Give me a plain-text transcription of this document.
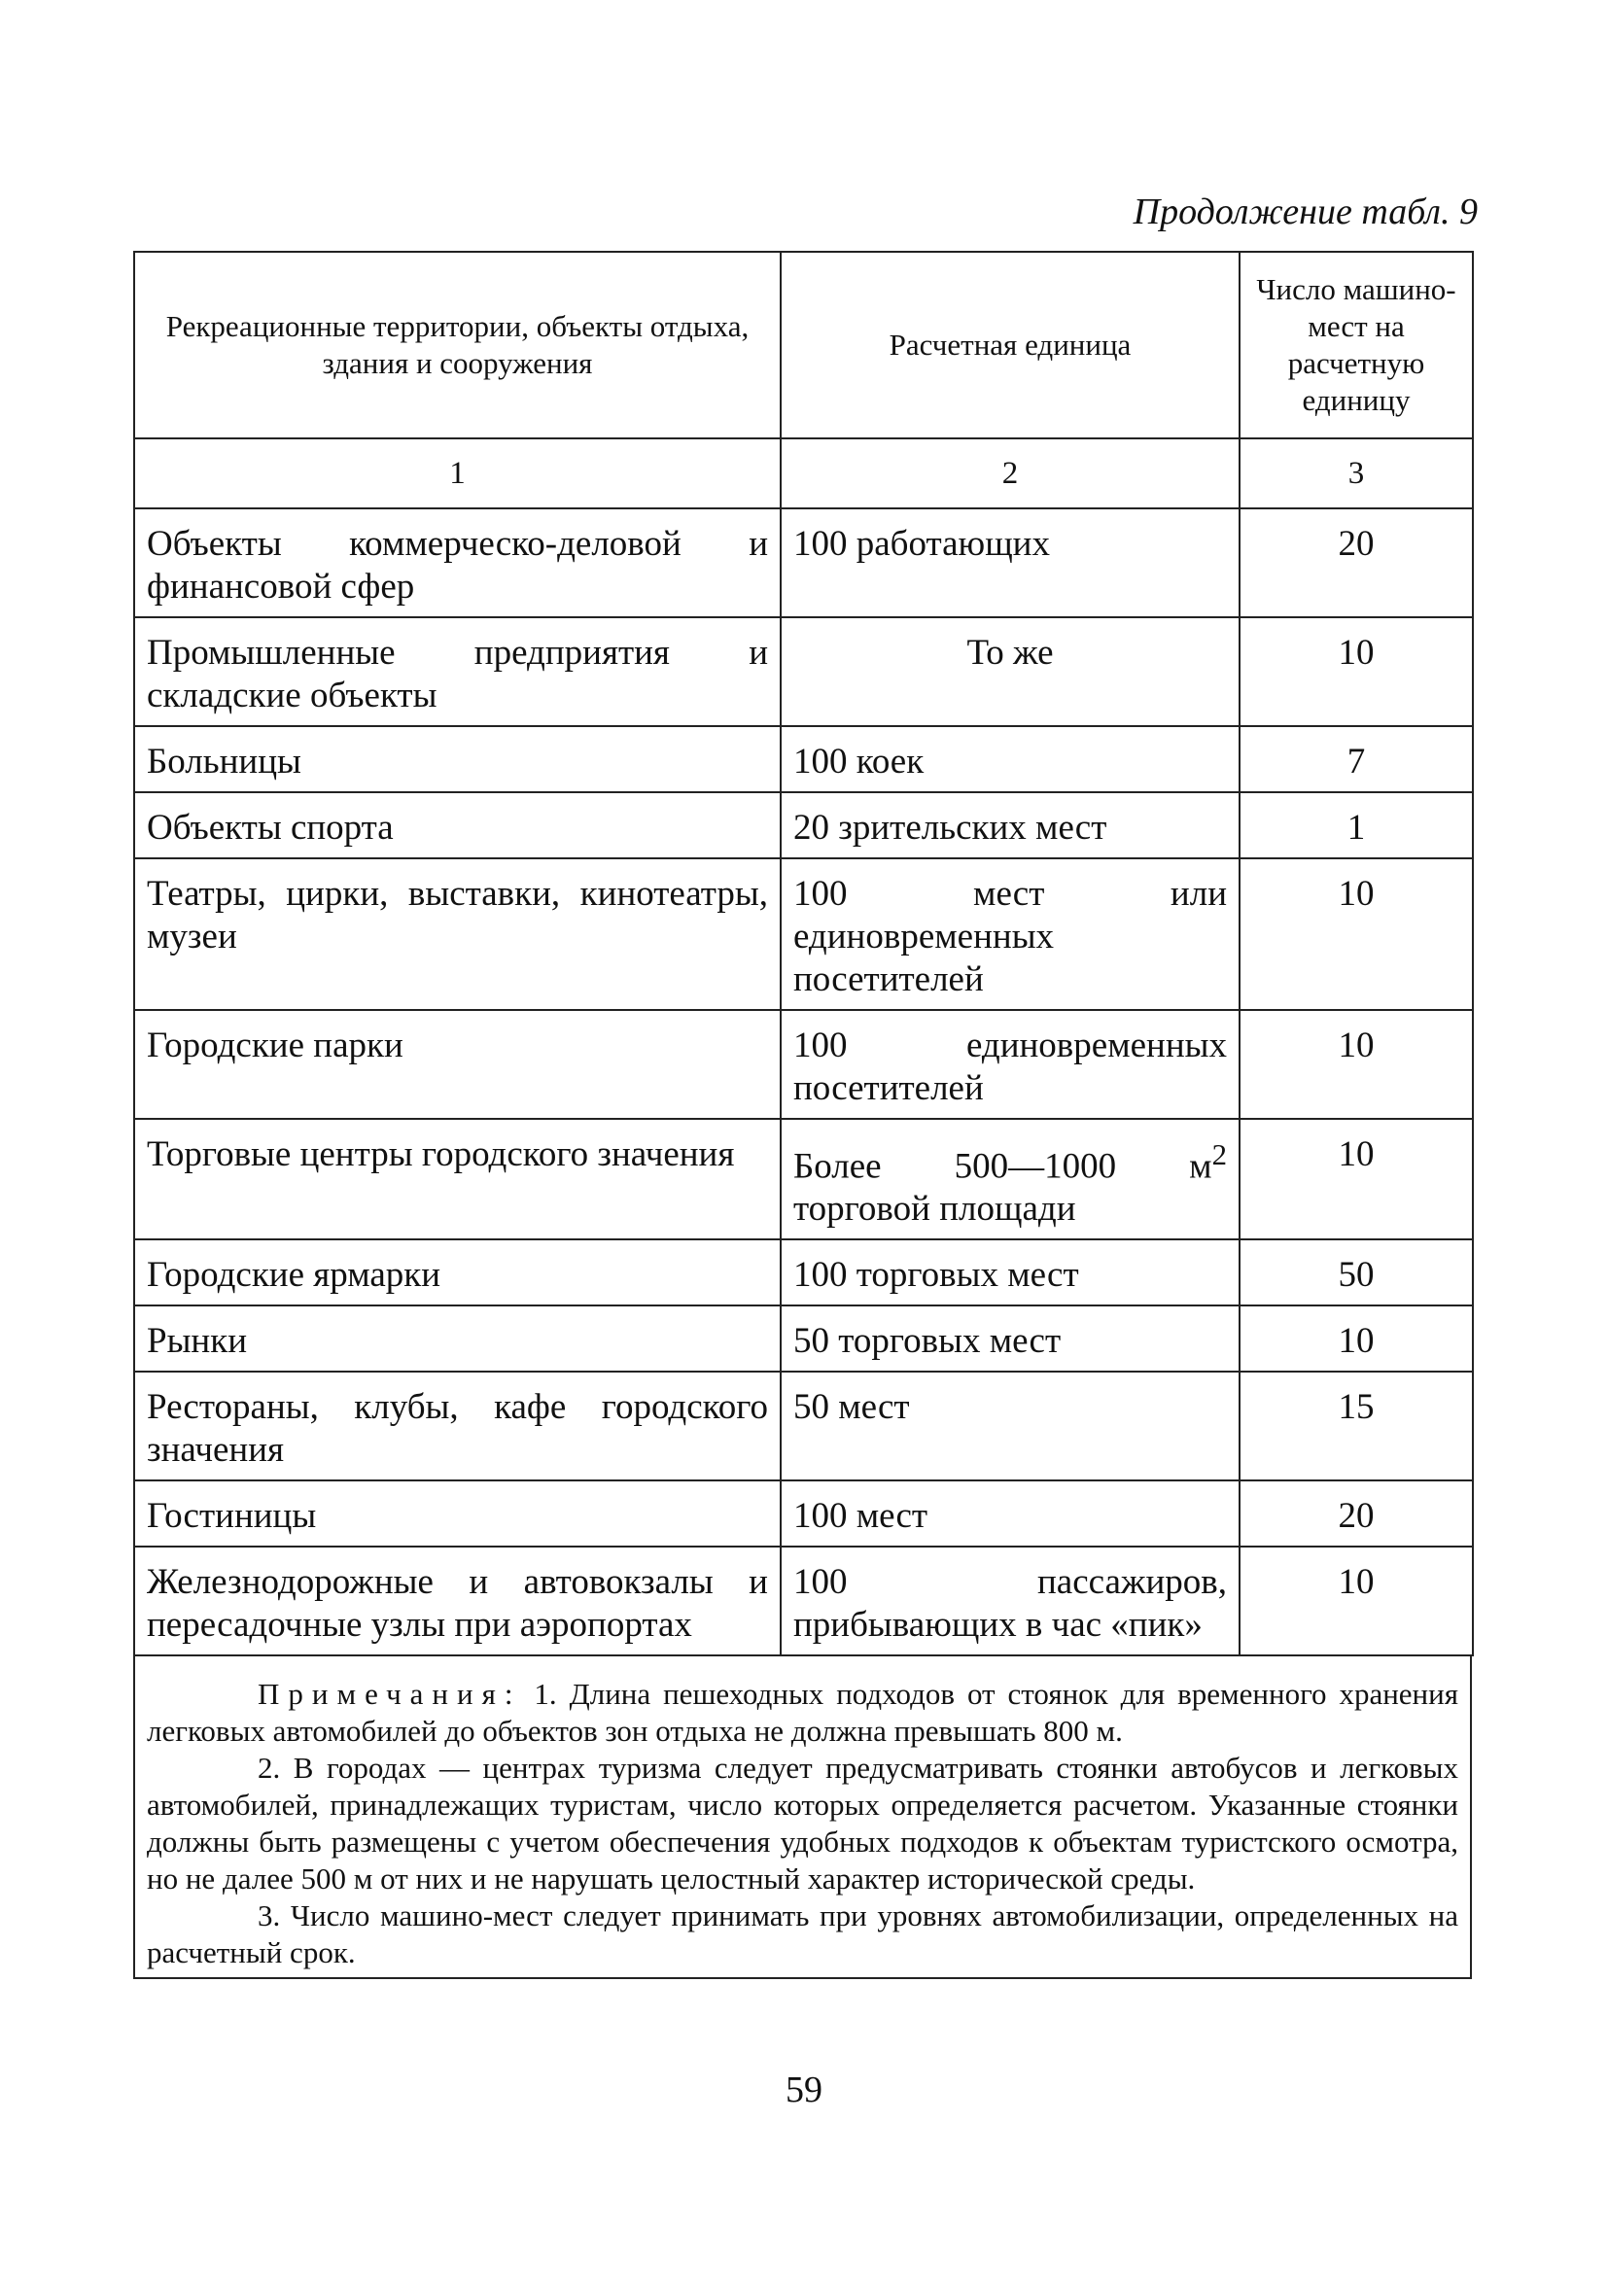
Продолжение табл. 9
Рекреационные территории, объекты отдыха, здания и сооружения	Расчетная единица	Число машино-мест на расчетную единицу
1	2	3
Объекты коммерческо-деловой и финансовой сфер	100 работающих	20
Промышленные предприятия и складские объекты	То же	10
Больницы	100 коек	7
Объекты спорта	20 зрительских мест	1
Театры, цирки, выставки, кинотеатры, музеи	100 мест или единовременных посетителей	10
Городские парки	100 единовременных посетителей	10
Торговые центры городского значения	Более 500—1000 $м^2$ торговой площади	10
Городские ярмарки	100 торговых мест	50
Рынки	50 торговых мест	10
Рестораны, клубы, кафе городского значения	50 мест	15
Гостиницы	100 мест	20
Железнодорожные и автовокзалы и пересадочные узлы при аэропортах	100 пассажиров, прибывающих в час «пик»	10

Примечания: 1. Длина пешеходных подходов от стоянок для временного хранения легковых автомобилей до объектов зон отдыха не должна превышать 800 м.

2. В городах — центрах туризма следует предусматривать стоянки автобусов и легковых автомобилей, принадлежащих туристам, число которых определяется расчетом. Указанные стоянки должны быть размещены с учетом обеспечения удобных подходов к объектам туристского осмотра, но не далее 500 м от них и не нарушать целостный характер исторической среды.

3. Число машино-мест следует принимать при уровнях автомобилизации, определенных на расчетный срок.

59
